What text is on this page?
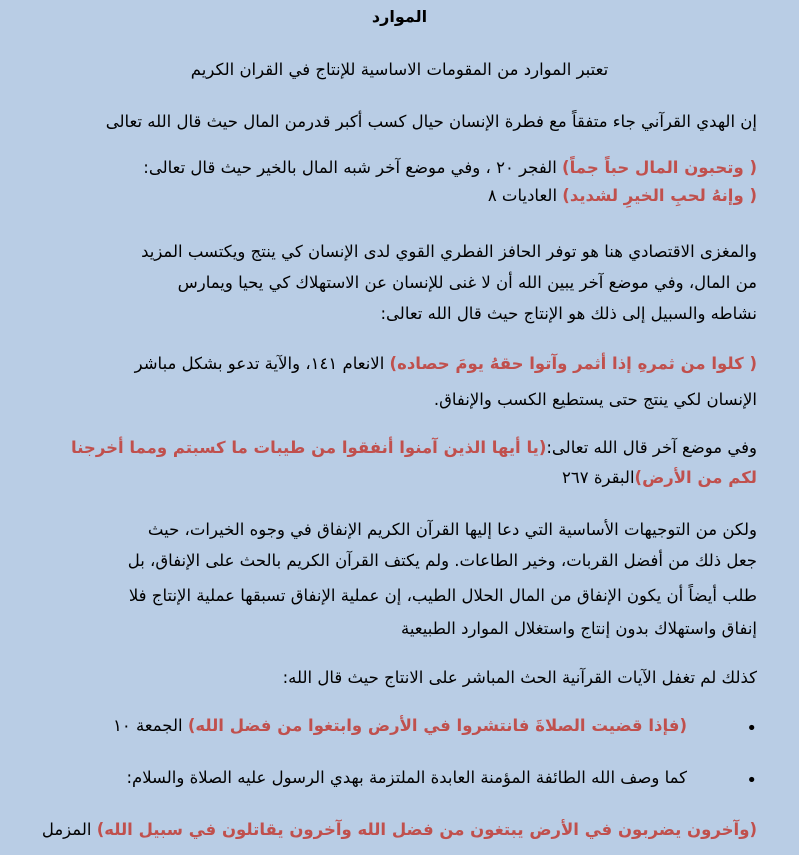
الموارد
تعتبر الموارد من المقومات الاساسية للإنتاج في القران الكريم
إن الهدي القرآني جاء متفقاً مع فطرة الإنسان حيال كسب أكبر قدرمن المال حيث قال الله تعالى
( وتحبون المال حباً جماً) الفجر ٢٠ ، وفي موضع آخر شبه المال بالخير حيث قال تعالى:
( وإنهُ لحبِ الخيرِ لشديد) العاديات ٨
والمغزى الاقتصادي هنا هو توفر الحافز الفطري القوي لدى الإنسان كي ينتج ويكتسب المزيد
من المال، وفي موضع آخر يبين الله أن لا غنى للإنسان عن الاستهلاك كي يحيا ويمارس
نشاطه والسبيل إلى ذلك هو الإنتاج حيث قال الله تعالى:
( كلوا من ثمرهِ إذا أثمر وآتوا حقهُ يومَ حصاده) الانعام ١٤١، والآية تدعو بشكل مباشر
الإنسان لكي ينتج حتى يستطيع الكسب والإنفاق.
وفي موضع آخر قال الله تعالى:(يا أيها الذين آمنوا أنفقوا من طيبات ما كسبتم ومما أخرجنا
لكم من الأرض)البقرة ٢٦٧
ولكن من التوجيهات الأساسية التي دعا إليها القرآن الكريم الإنفاق في وجوه الخيرات، حيث
جعل ذلك من أفضل القربات، وخير الطاعات. ولم يكتف القرآن الكريم بالحث على الإنفاق، بل
طلب أيضاً أن يكون الإنفاق من المال الحلال الطيب، إن عملية الإنفاق تسبقها عملية الإنتاج فلا
إنفاق واستهلاك بدون إنتاج واستغلال الموارد الطبيعية
كذلك لم تغفل الآيات القرآنية الحث المباشر على الانتاج حيث قال الله:
•
(فإذا قضيت الصلاةَ فانتشروا في الأرض وابتغوا من فضل الله) الجمعة ١٠
•
كما وصف الله الطائفة المؤمنة العابدة الملتزمة بهدي الرسول عليه الصلاة والسلام:
(وآخرون يضربون في الأرض يبتغون من فضل الله وآخرون يقاتلون في سبيل الله) المزمل
